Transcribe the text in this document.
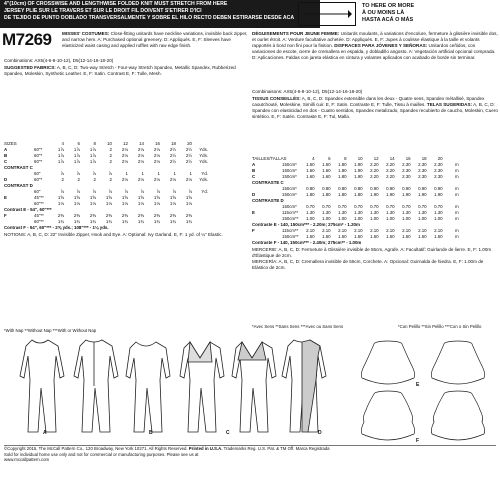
4"(10cm) OF CROSSWISE AND LENGTHWISE FOLDED KNIT MUST STRETCH FROM HERE
JERSEY PLIÉ SUR LE TRAVERS ET SUR LE DROIT FIL DOIVENT S'ÉTIRER D'ICI
DE TEJIDO DE PUNTO DOBLADO TRANSVERSALMENTE Y SOBRE EL HILO RECTO DEBEN ESTIRARSE DESDE ACÁ
TO HERE OR MORE
À OU MOINS LÀ
HASTA ACÁ O MÁS
M7269 MISSES' COSTUMES: Close-fitting unitards have neckline variations, invisible back zipper, and narrow hem. A: Purchased optional greenery. D: Appliqués. E, F: Sleeves have elasticized waist casing and applied ruffles with raw edge finish.
Combinations: AX5(4-6-8-10-12), D5(12-14-16-18-20)
SUGGESTED FABRICS: A, B, C, D: Two-way Stretch - Four-way Stretch Spandex, Metallic Spandex, Rubberized Spandex, Moleskin, Synthetic Leather. E, F: Satin. Contrast E, F: Tulle, Mesh.
DÉGUISEMENTS POUR JEUNE FEMME: Unitards moulants, à variations d'encolure, fermeture à glissière invisible dos, et ourlet étroit. A: Verdure facultative achetée. D: Appliqués. E, F: Jupes à coulisse élastique à la taille et volants rapportés à bord non fini pour la finition. DISFRACES PARA JÓVENES Y SEÑORAS: Unitardos ceñidos, con variaciones de escote, cierre de cremallera en espalda, y dobladillo angosto. A: Vegetación artificial opcional comprada. D: Aplicaciones. Faldas con jareta elástica en cintura y volantes aplicados con acabado de borde sin terminar.
Combinaisons: AX5(4-6-8-10-12), D5(12-14-16-18-20)
TISSUS CONSEILLÉS: A, B, C, D: Spandex extensible dans les deux - Quatre sens, Spandex métallisé, Spandex caoutchouté, Moleskine, Similli cuir. E, F: Satin. Contraste E, F: Tulle, Tissu à mailles. TELAS SUGERIDAS: A, B, C, D: Spandex con elasticidad en dos - Cuatro sentidos, Spandex metalizado, Spandex recubierto de caucho, Moleskin, Cuero sintético. E, F: Satén. Contraste E, F: Tul, Malla.
SIZES		4	6	8	10	12	14	16	18	20	
A	60"*	1⅞	1⅞	1⅞	2	2⅛	2⅛	2⅛	2½	2½	Yds.
B	60"*	1⅞	1⅞	1⅞	2	2⅛	2⅛	2⅛	2½	2½	Yds.
C	60"*	1⅞	1⅞	1⅞	2	2⅛	2⅛	2⅛	2½	2½	Yds.
CONTRAST C											
	60"	⅞	⅞	⅞	⅞	1	1	1	1	1	Yd.
D	60"*	2	2	2	2	2⅛	2⅛	2⅛	2⅛	2⅛	Yds.
CONTRAST D											
	60"	⅞	⅞	⅞	⅞	⅞	⅞	⅞	⅞	⅞	Yd.
E	45"**	1⅝	1⅝	1⅝	1⅝	1⅝	1⅝	1⅝	1⅝	1⅝	
	60"**	1⅛	1⅛	1⅛	1⅛	1⅛	1⅛	1⅛	1⅛	1⅛	
Contrast E - 54", 60"***											
F	45"**	2⅜	2⅜	2⅜	2⅜	2⅜	2⅜	2⅜	2⅜	2⅜	
	60"**	1¾	1¾	1¾	1¾	1¾	1¾	1¾	1¾	1¾	
Contrast F - 54", 60"*** - 2⅝ yds.; 108"*** - 1⅛ yds.											
NOTIONS: A, B, C, D: 22" Invisible Zipper, Hook and Eye. A: Optional: Ivy Garland. E, F: 1 yd. of ¼" Elastic.
TAILLES/TALLAS		4	6	8	10	12	14	16	18	20	
A	150cm*	1.60	1.60	1.80	1.90	2.20	2.20	2.30	2.30	2.30	m
B	150cm*	1.60	1.60	1.80	1.90	2.20	2.20	2.30	2.30	2.30	m
C	150cm*	1.60	1.60	1.80	1.90	2.20	2.20	2.30	2.30	2.30	m
CONTRASTE C											
	150cm*	0.80	0.80	0.80	0.80	0.90	0.90	0.90	0.90	0.90	m
D	150cm*	1.80	1.80	1.80	1.80	1.90	1.90	1.90	1.90	1.90	m
CONTRASTE D											
	150cm*	0.70	0.70	0.70	0.70	0.70	0.70	0.70	0.70	0.70	m
E	115cm**	1.30	1.30	1.30	1.30	1.30	1.30	1.30	1.30	1.30	m
	150cm**	1.00	1.00	1.00	1.00	1.00	1.00	1.00	1.00	1.00	m
Contraste E - 140, 150cm*** - 2.20m; 275cm* - 1.20m											
F	115cm**	2.10	2.10	2.10	2.10	2.10	2.10	2.10	2.10	2.10	m
	150cm**	1.60	1.60	1.60	1.60	1.60	1.60	1.60	1.60	1.60	m
Contraste F - 140, 150cm*** - 2.40m; 275cm** - 1.00m											
MERCERIE: A, B, C, D: Fermeture à Glissière invisible de 55cm, Agrafe. A: Facultatif: Guirlande de lierre. E, F: 1.00m d'Élastique de 2cm.
MERCERÍA: A, B, C, D: Cremallera invisible de 55cm, Corchete. A: Opcional: Guirnalda de hiedra. E, F: 1.00m de Elástico de 2cm.
*With Nap **Without Nap ***With or Without Nap
*Avec Sens **Sans Sens ***Avec ou Sans Sens	*Con Pelillo **Sin Pelillo ***Con o Sin Pelillo
A	B	C	D
E
F
©Copyright 2015, The McCall Pattern Co., 120 Broadway, New York 10271. All Rights Reserved. Printed in U.S.A. Trademarks Reg. U.S. Pat. & TM Off. Marca Registrada
Sold for individual home use only and not for commercial or manufacturing purposes. Please see us at
www.mccallpattern.com
